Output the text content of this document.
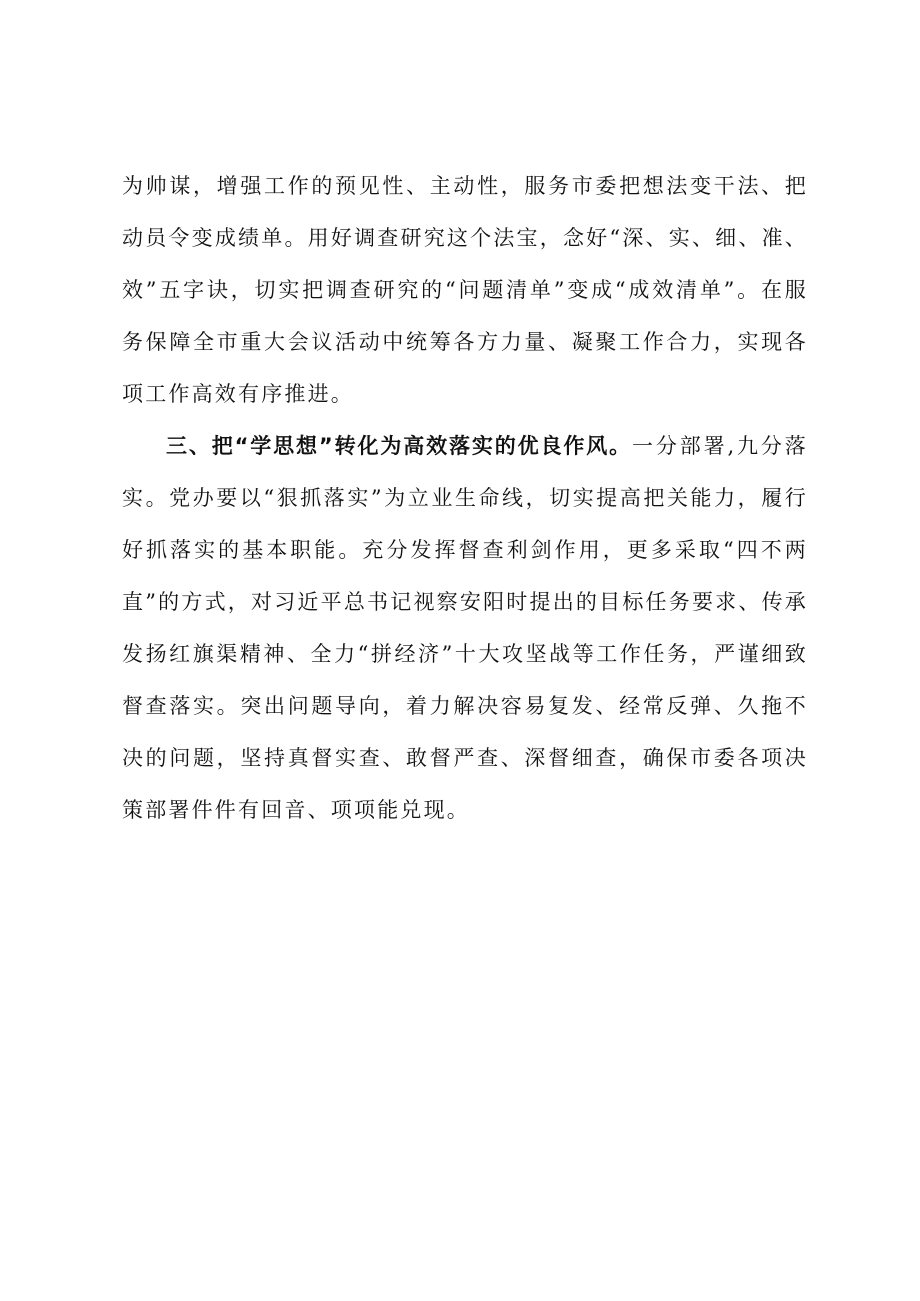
为帅谋，增强工作的预见性、主动性，服务市委把想法变干法、把动员令变成绩单。用好调查研究这个法宝，念好“深、实、细、准、效”五字诀，切实把调查研究的“问题清单”变成“成效清单”。在服务保障全市重大会议活动中统筹各方力量、凝聚工作合力，实现各项工作高效有序推进。

三、把“学思想”转化为高效落实的优良作风。一分部署,九分落实。党办要以“狠抓落实”为立业生命线，切实提高把关能力，履行好抓落实的基本职能。充分发挥督查利剑作用，更多采取“四不两直”的方式，对习近平总书记视察安阳时提出的目标任务要求、传承发扬红旗渠精神、全力“拼经济”十大攻坚战等工作任务，严谨细致督查落实。突出问题导向，着力解决容易复发、经常反弹、久拖不决的问题，坚持真督实查、敢督严查、深督细查，确保市委各项决策部署件件有回音、项项能兑现。
